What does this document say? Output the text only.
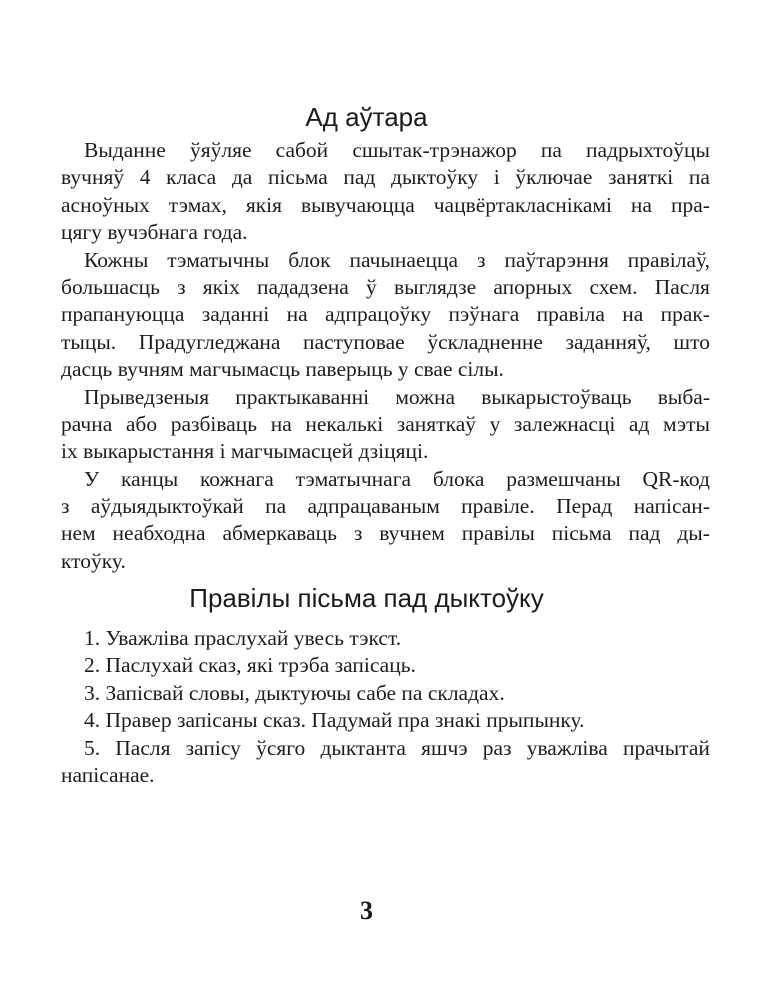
Ад аўтара
Выданне ўяўляе сабой сшытак-трэнажор па падрыхтоўцы
вучняў 4 класа да пісьма пад дыктоўку і ўключае заняткі па
асноўных тэмах, якія вывучаюцца чацвёртакласнікамі на пра-
цягу вучэбнага года.
Кожны тэматычны блок пачынаецца з паўтарэння правілаў,
большасць з якіх пададзена ў выглядзе апорных схем. Пасля
прапануюцца заданні на адпрацоўку пэўнага правіла на прак-
тыцы. Прадугледжана паступовае ўскладненне заданняў, што
дасць вучням магчымасць паверыць у свае сілы.
Прыведзеныя практыкаванні можна выкарыстоўваць выба-
рачна або разбіваць на некалькі заняткаў у залежнасці ад мэты
іх выкарыстання і магчымасцей дзіцяці.
У канцы кожнага тэматычнага блока размешчаны QR-код
з аўдыядыктоўкай па адпрацаваным правіле. Перад напісан-
нем неабходна абмеркаваць з вучнем правілы пісьма пад ды-
ктоўку.
Правілы пісьма пад дыктоўку
1. Уважліва праслухай увесь тэкст.
2. Паслухай сказ, які трэба запісаць.
3. Запісвай словы, дыктуючы сабе па складах.
4. Правер запісаны сказ. Падумай пра знакі прыпынку.
5. Пасля запісу ўсяго дыктанта яшчэ раз уважліва прачытай
напісанае.
3
